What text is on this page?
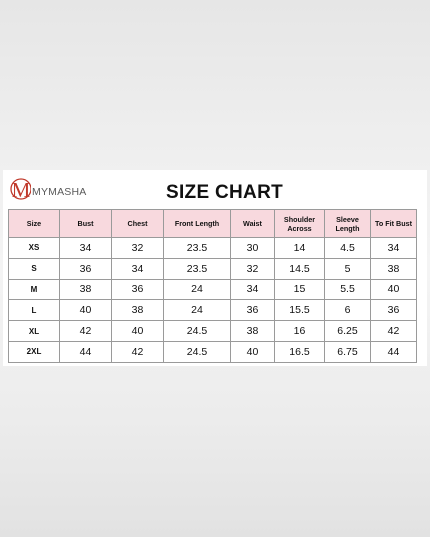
M MYMASHA	SIZE CHART
Size	Bust	Chest	Front Length	Waist	Shoulder Across	Sleeve Length	To Fit Bust
XS	34	32	23.5	30	14	4.5	34
S	36	34	23.5	32	14.5	5	38
M	38	36	24	34	15	5.5	40
L	40	38	24	36	15.5	6	36
XL	42	40	24.5	38	16	6.25	42
2XL	44	42	24.5	40	16.5	6.75	44
